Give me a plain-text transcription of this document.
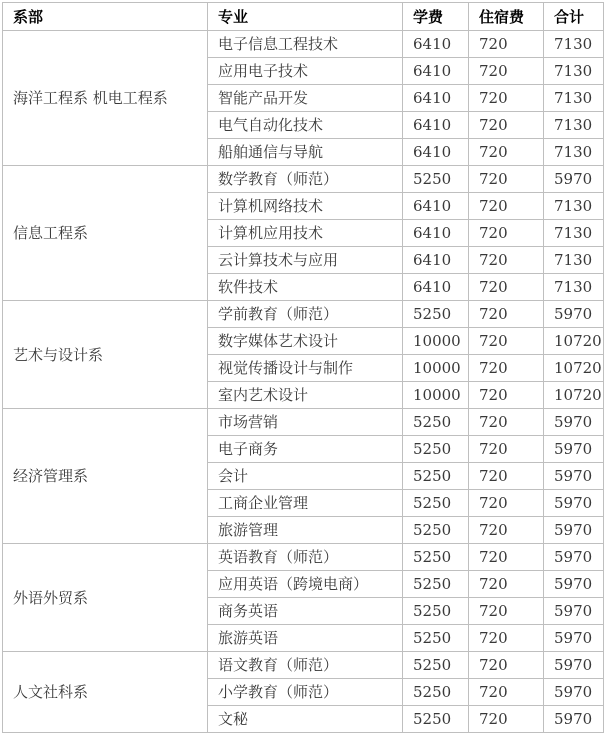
系部	专业	学费	住宿费	合计
海洋工程系 机电工程系	电子信息工程技术	6410	720	7130
	应用电子技术	6410	720	7130
	智能产品开发	6410	720	7130
	电气自动化技术	6410	720	7130
	船舶通信与导航	6410	720	7130
信息工程系	数学教育（师范）	5250	720	5970
	计算机网络技术	6410	720	7130
	计算机应用技术	6410	720	7130
	云计算技术与应用	6410	720	7130
	软件技术	6410	720	7130
艺术与设计系	学前教育（师范）	5250	720	5970
	数字媒体艺术设计	10000	720	10720
	视觉传播设计与制作	10000	720	10720
	室内艺术设计	10000	720	10720
经济管理系	市场营销	5250	720	5970
	电子商务	5250	720	5970
	会计	5250	720	5970
	工商企业管理	5250	720	5970
	旅游管理	5250	720	5970
外语外贸系	英语教育（师范）	5250	720	5970
	应用英语（跨境电商）	5250	720	5970
	商务英语	5250	720	5970
	旅游英语	5250	720	5970
人文社科系	语文教育（师范）	5250	720	5970
	小学教育（师范）	5250	720	5970
	文秘	5250	720	5970
